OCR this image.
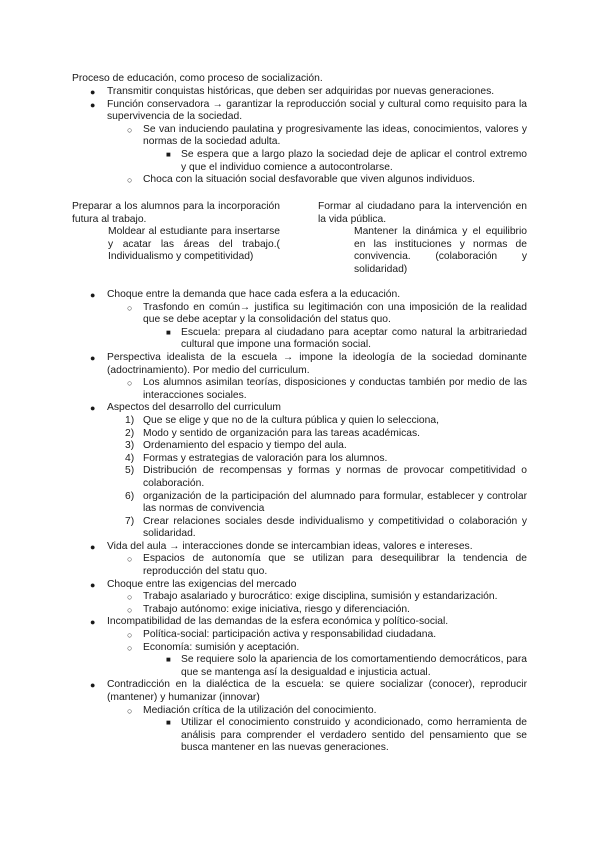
Proceso de educación, como proceso de socialización.
● Transmitir conquistas históricas, que deben ser adquiridas por nuevas generaciones.
● Función conservadora → garantizar la reproducción social y cultural como requisito para la supervivencia de la sociedad.
○ Se van induciendo paulatina y progresivamente las ideas, conocimientos, valores y normas de la sociedad adulta.
■ Se espera que a largo plazo la sociedad deje de aplicar el control extremo y que el individuo comience a autocontrolarse.
○ Choca con la situación social desfavorable que viven algunos individuos.
Preparar a los alumnos para la incorporación futura al trabajo.
Moldear al estudiante para insertarse y acatar las áreas del trabajo.( Individualismo y competitividad)
Formar al ciudadano para la intervención en la vida pública.
Mantener la dinámica y el equilibrio en las instituciones y normas de convivencia. (colaboración y solidaridad)
● Choque entre la demanda que hace cada esfera a la educación.
○ Trasfondo en común→ justifica su legitimación con una imposición de la realidad que se debe aceptar y la consolidación del status quo.
■ Escuela: prepara al ciudadano para aceptar como natural la arbitrariedad cultural que impone una formación social.
● Perspectiva idealista de la escuela → impone la ideología de la sociedad dominante (adoctrinamiento). Por medio del curriculum.
○ Los alumnos asimilan teorías, disposiciones y conductas también por medio de las interacciones sociales.
● Aspectos del desarrollo del curriculum
1) Que se elige y que no de la cultura pública y quien lo selecciona,
2) Modo y sentido de organización para las tareas académicas.
3) Ordenamiento del espacio y tiempo del aula.
4) Formas y estrategias de valoración para los alumnos.
5) Distribución de recompensas y formas y normas de provocar competitividad o colaboración.
6) organización de la participación del alumnado para formular, establecer y controlar las normas de convivencia
7) Crear relaciones sociales desde individualismo y competitividad o colaboración y solidaridad.
● Vida del aula → interacciones donde se intercambian ideas, valores e intereses.
○ Espacios de autonomía que se utilizan para desequilibrar la tendencia de reproducción del statu quo.
● Choque entre las exigencias del mercado
○ Trabajo asalariado y burocrático: exige disciplina, sumisión y estandarización.
○ Trabajo autónomo: exige iniciativa, riesgo y diferenciación.
● Incompatibilidad de las demandas de la esfera económica y político-social.
○ Política-social: participación activa y responsabilidad ciudadana.
○ Economía: sumisión y aceptación.
■ Se requiere solo la apariencia de los comortamentiendo democráticos, para que se mantenga así la desigualdad e injusticia actual.
● Contradicción en la dialéctica de la escuela: se quiere socializar (conocer), reproducir (mantener) y humanizar (innovar)
○ Mediación crítica de la utilización del conocimiento.
■ Utilizar el conocimiento construido y acondicionado, como herramienta de análisis para comprender el verdadero sentido del pensamiento que se busca mantener en las nuevas generaciones.
